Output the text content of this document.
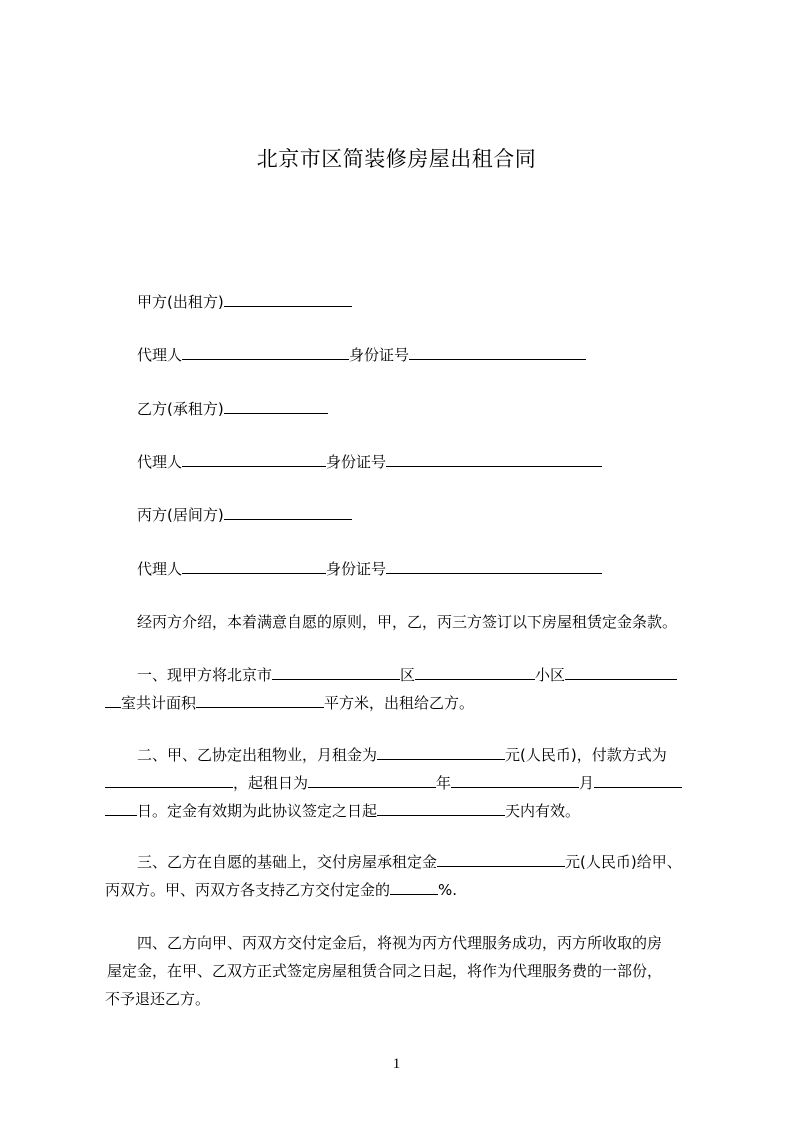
北京市区简装修房屋出租合同
甲方(出租方)
代理人	身份证号
乙方(承租方)
代理人	身份证号
丙方(居间方)
代理人	身份证号
经丙方介绍，本着满意自愿的原则，甲，乙，丙三方签订以下房屋租赁定金条款。
一、现甲方将北京市	区	小区
室共计面积	平方米，出租给乙方。
二、甲、乙协定出租物业，月租金为	元(人民币)，付款方式为
，起租日为	年	月
日。定金有效期为此协议签定之日起	天内有效。
三、乙方在自愿的基础上，交付房屋承租定金	元(人民币)给甲、
丙双方。甲、丙双方各支持乙方交付定金的	%.
四、乙方向甲、丙双方交付定金后，将视为丙方代理服务成功，丙方所收取的房
屋定金，在甲、乙双方正式签定房屋租赁合同之日起，将作为代理服务费的一部份，
不予退还乙方。
1
